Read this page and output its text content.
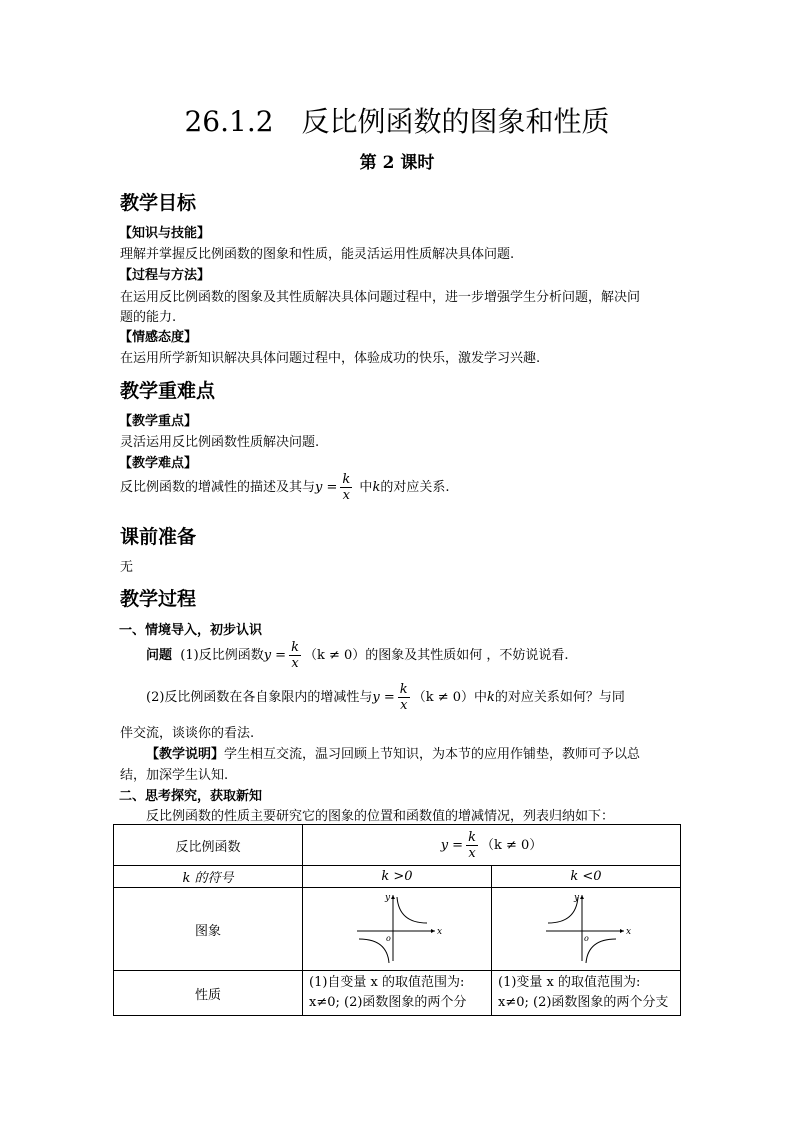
26.1.2　反比例函数的图象和性质
第 2 课时
教学目标
【知识与技能】
理解并掌握反比例函数的图象和性质，能灵活运用性质解决具体问题.
【过程与方法】
在运用反比例函数的图象及其性质解决具体问题过程中，进一步增强学生分析问题，解决问
题的能力.
【情感态度】
在运用所学新知识解决具体问题过程中，体验成功的快乐，激发学习兴趣.
教学重难点
【教学重点】
灵活运用反比例函数性质解决问题.
【教学难点】
反比例函数的增减性的描述及其与$y = \frac{k}{x}$ 中k的对应关系.
课前准备
无
教学过程
一、情境导入，初步认识
问题 (1)反比例函数$y = \frac{k}{x} (k \ne 0)$的图象及其性质如何 ，不妨说说看.
(2)反比例函数在各自象限内的增减性与$y = \frac{k}{x} (k \ne 0)$中k的对应关系如何？与同
伴交流，谈谈你的看法.
【教学说明】学生相互交流，温习回顾上节知识，为本节的应用作铺垫，教师可予以总
结，加深学生认知.
二、思考探究，获取新知
反比例函数的性质主要研究它的图象的位置和函数值的增减情况，列表归纳如下：
反比例函数	$y = \frac{k}{x} (k \ne 0)$	
k 的符号	k >0	k <0
图象	x
y
o	x
y
o

性质	(1)自变量 x 的取值范围为: x≠0; (2)函数图象的两个分	(1)变量 x 的取值范围为: x≠0; (2)函数图象的两个分支
